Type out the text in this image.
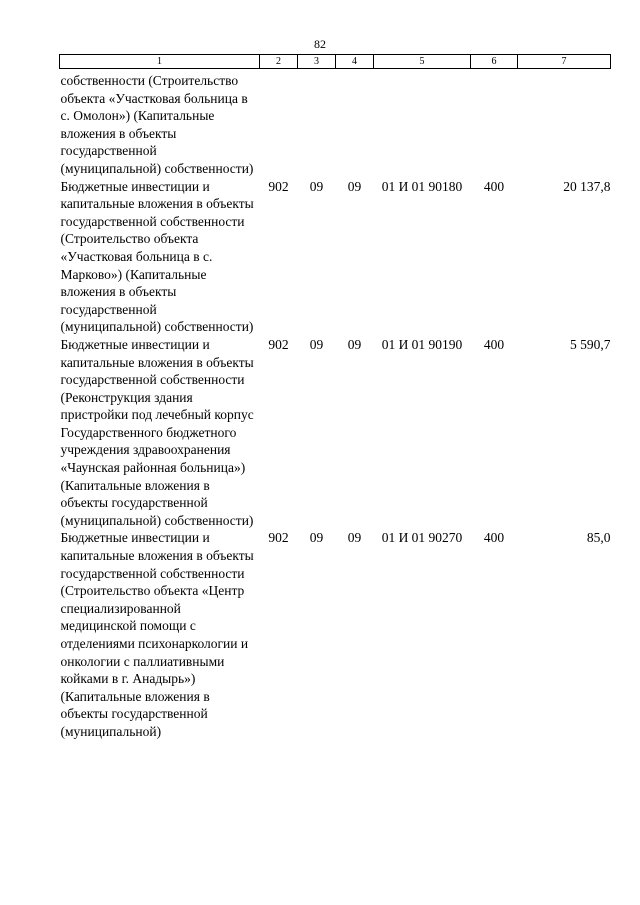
82
1	2	3	4	5	6	7
собственности (Строительство объекта «Участковая больница в с. Омолон») (Капитальные вложения в объекты государственной (муниципальной) собственности)						
Бюджетные инвестиции и капитальные вложения в объекты государственной собственности (Строительство объекта «Участковая больница в с. Марково») (Капитальные вложения в объекты государственной (муниципальной) собственности)	902	09	09	01 И 01 90180	400	20 137,8
Бюджетные инвестиции и капитальные вложения в объекты государственной собственности (Реконструкция здания пристройки под лечебный корпус Государственного бюджетного учреждения здравоохранения «Чаунская районная больница») (Капитальные вложения в объекты государственной (муниципальной) собственности)	902	09	09	01 И 01 90190	400	5 590,7
Бюджетные инвестиции и капитальные вложения в объекты государственной собственности (Строительство объекта «Центр специализированной медицинской помощи с отделениями психонаркологии и онкологии с паллиативными койками в г. Анадырь») (Капитальные вложения в объекты государственной (муниципальной)	902	09	09	01 И 01 90270	400	85,0
